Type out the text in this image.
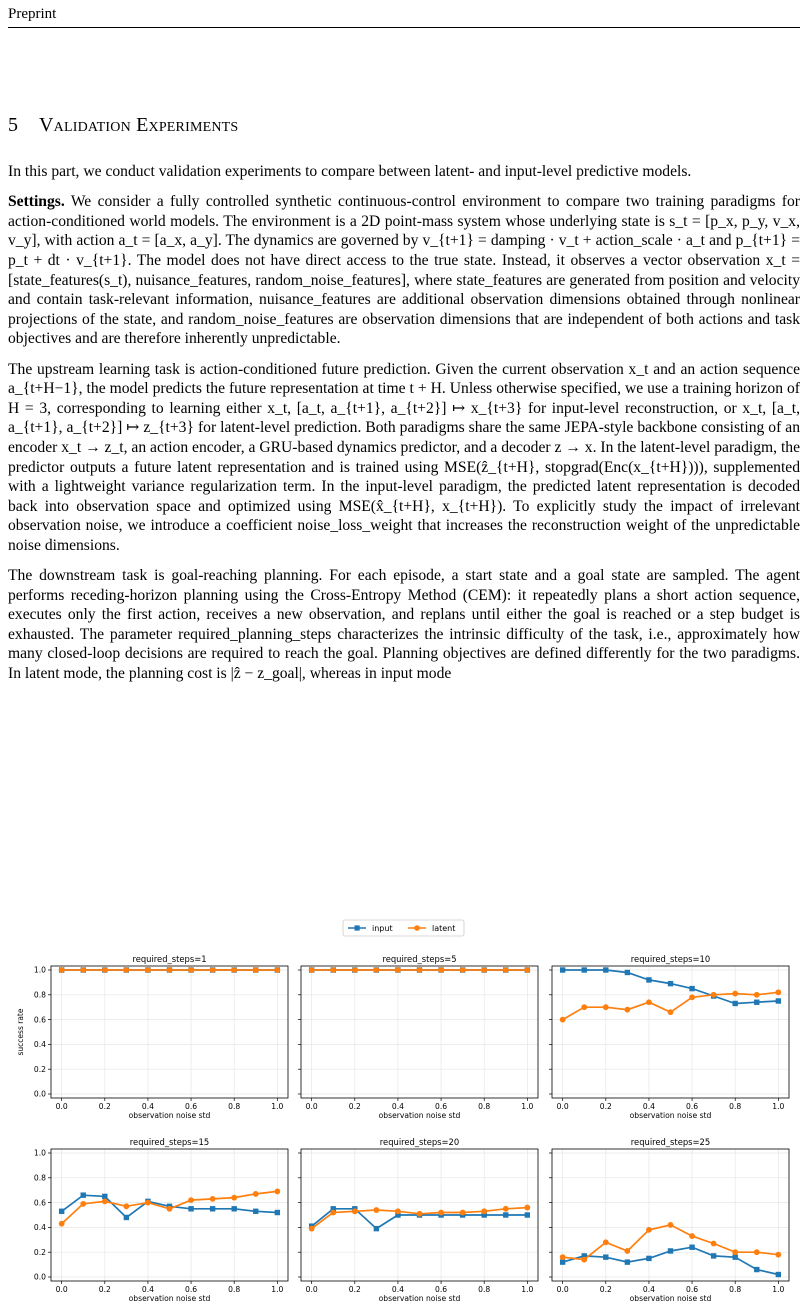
Preprint
5 Validation Experiments

In this part, we conduct validation experiments to compare between latent- and input-level predictive models.

Settings. We consider a fully controlled synthetic continuous-control environment to compare two training paradigms for action-conditioned world models. The environment is a 2D point-mass system whose underlying state is s_t = [p_x, p_y, v_x, v_y], with action a_t = [a_x, a_y]. The dynamics are governed by v_{t+1} = damping · v_t + action_scale · a_t and p_{t+1} = p_t + dt · v_{t+1}. The model does not have direct access to the true state. Instead, it observes a vector observation x_t = [state_features(s_t), nuisance_features, random_noise_features], where state_features are generated from position and velocity and contain task-relevant information, nuisance_features are additional observation dimensions obtained through nonlinear projections of the state, and random_noise_features are observation dimensions that are independent of both actions and task objectives and are therefore inherently unpredictable.

The upstream learning task is action-conditioned future prediction. Given the current observation x_t and an action sequence a_{t+H−1}, the model predicts the future representation at time t + H. Unless otherwise specified, we use a training horizon of H = 3, corresponding to learning either x_t, [a_t, a_{t+1}, a_{t+2}] ↦ x_{t+3} for input-level reconstruction, or x_t, [a_t, a_{t+1}, a_{t+2}] ↦ z_{t+3} for latent-level prediction. Both paradigms share the same JEPA-style backbone consisting of an encoder x_t → z_t, an action encoder, a GRU-based dynamics predictor, and a decoder z → x. In the latent-level paradigm, the predictor outputs a future latent representation and is trained using MSE(ẑ_{t+H}, stopgrad(Enc(x_{t+H}))), supplemented with a lightweight variance regularization term. In the input-level paradigm, the predicted latent representation is decoded back into observation space and optimized using MSE(x̂_{t+H}, x_{t+H}). To explicitly study the impact of irrelevant observation noise, we introduce a coefficient noise_loss_weight that increases the reconstruction weight of the unpredictable noise dimensions.

The downstream task is goal-reaching planning. For each episode, a start state and a goal state are sampled. The agent performs receding-horizon planning using the Cross-Entropy Method (CEM): it repeatedly plans a short action sequence, executes only the first action, receives a new observation, and replans until either the goal is reached or a step budget is exhausted. The parameter required_planning_steps characterizes the intrinsic difficulty of the task, i.e., approximately how many closed-loop decisions are required to reach the goal. Planning objectives are defined differently for the two paradigms. In latent mode, the planning cost is |ẑ − z_goal|, whereas in input mode

input	latent
success rate
required_steps=1
0.0	0.2	0.4	0.6	0.8	1.0
observation noise std
0.0
0.2
0.4
0.6
0.8
1.0
required_steps=5
0.0	0.2	0.4	0.6	0.8	1.0
observation noise std
required_steps=10
0.0	0.2	0.4	0.6	0.8	1.0
observation noise std
required_steps=15
0.0	0.2	0.4	0.6	0.8	1.0
observation noise std
0.0
0.2
0.4
0.6
0.8
1.0
required_steps=20
0.0	0.2	0.4	0.6	0.8	1.0
observation noise std
required_steps=25
0.0	0.2	0.4	0.6	0.8	1.0
observation noise std
